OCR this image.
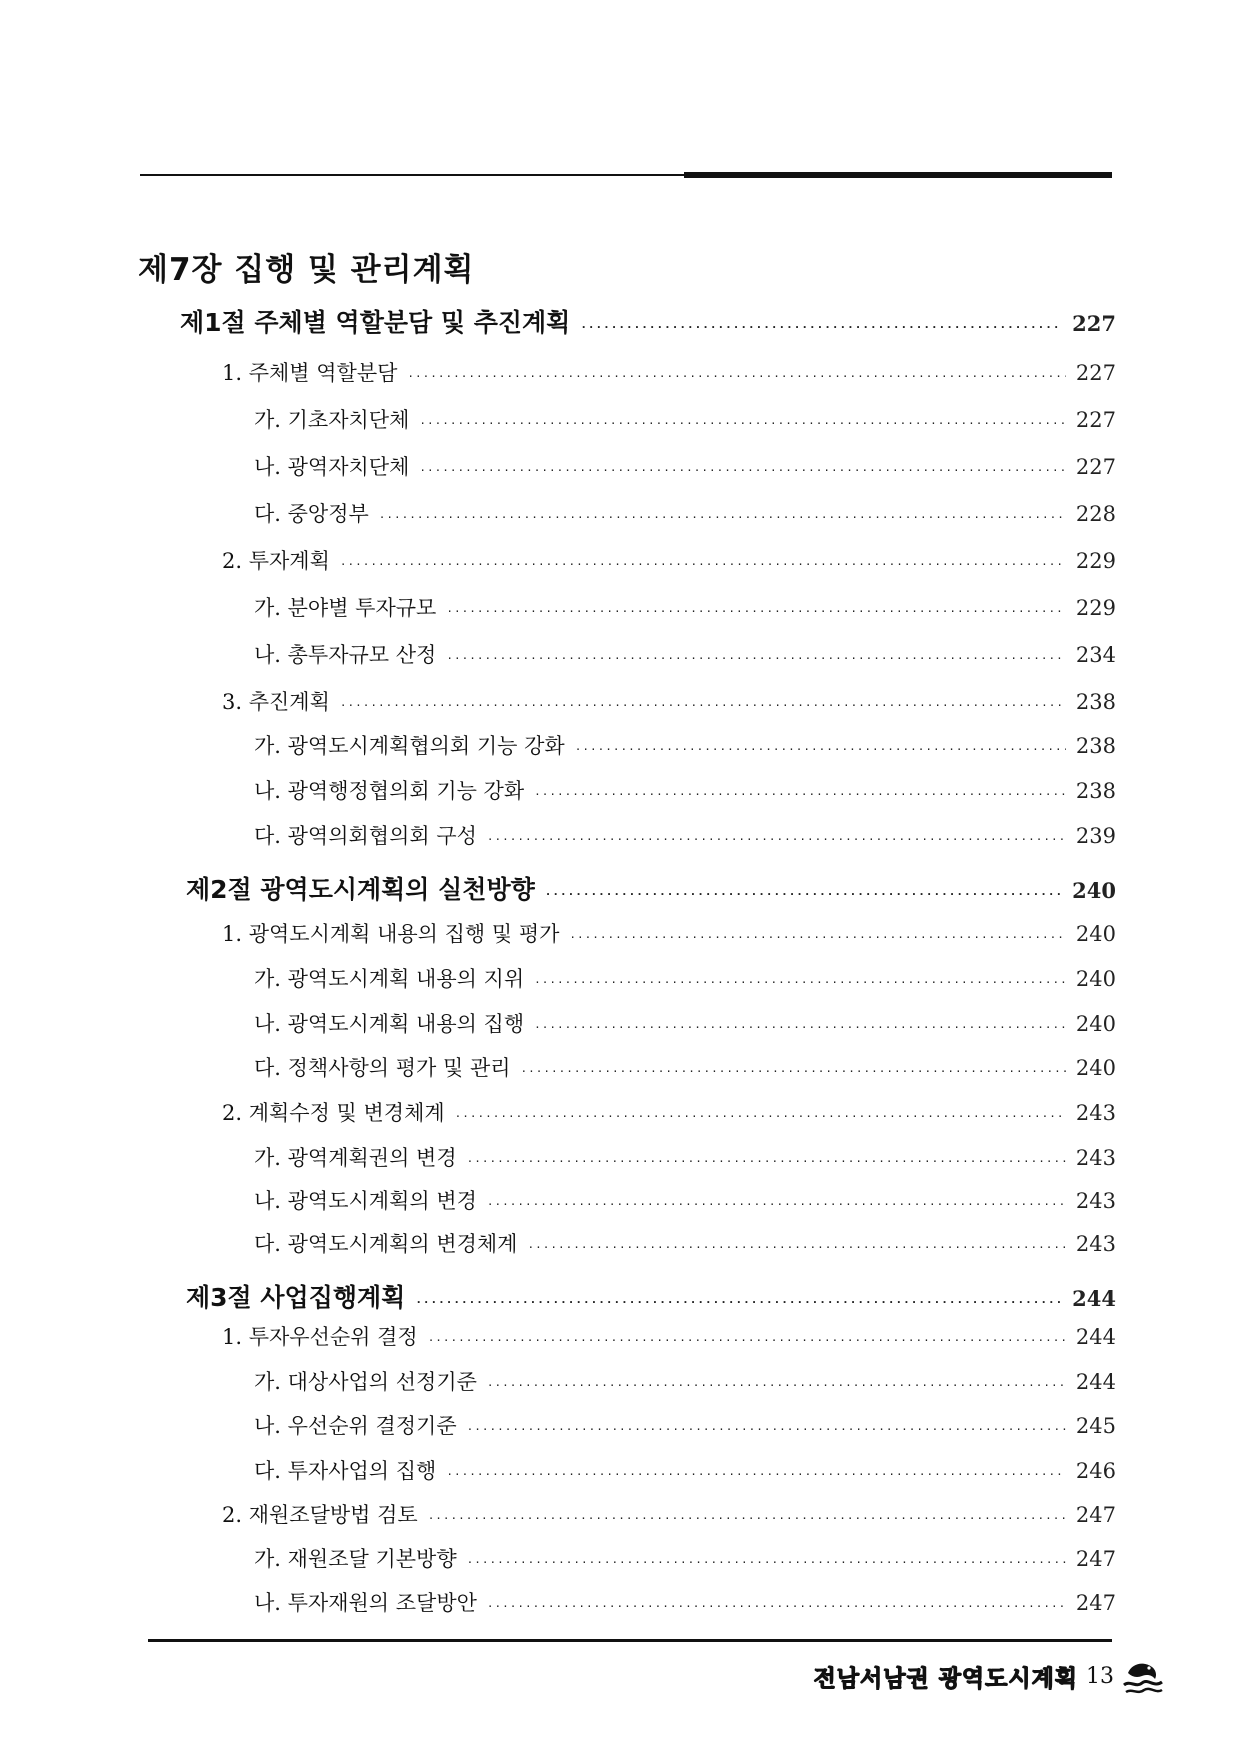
제7장 집행 및 관리계획
제1절 주체별 역할분담 및 추진계획 ·····	227
1. 주체별 역할분담 ·····	227
가. 기초자치단체 ·····	227
나. 광역자치단체 ·····	227
다. 중앙정부 ·····	228
2. 투자계획 ·····	229
가. 분야별 투자규모 ·····	229
나. 총투자규모 산정 ·····	234
3. 추진계획 ·····	238
가. 광역도시계획협의회 기능 강화 ·····	238
나. 광역행정협의회 기능 강화 ·····	238
다. 광역의회협의회 구성 ·····	239
제2절 광역도시계획의 실천방향 ·····	240
1. 광역도시계획 내용의 집행 및 평가 ·····	240
가. 광역도시계획 내용의 지위 ·····	240
나. 광역도시계획 내용의 집행 ·····	240
다. 정책사항의 평가 및 관리 ·····	240
2. 계획수정 및 변경체계 ·····	243
가. 광역계획권의 변경 ·····	243
나. 광역도시계획의 변경 ·····	243
다. 광역도시계획의 변경체계 ·····	243
제3절 사업집행계획 ·····	244
1. 투자우선순위 결정 ·····	244
가. 대상사업의 선정기준 ·····	244
나. 우선순위 결정기준 ·····	245
다. 투자사업의 집행 ·····	246
2. 재원조달방법 검토 ·····	247
가. 재원조달 기본방향 ·····	247
나. 투자재원의 조달방안 ·····	247
전남서남권 광역도시계획 13
